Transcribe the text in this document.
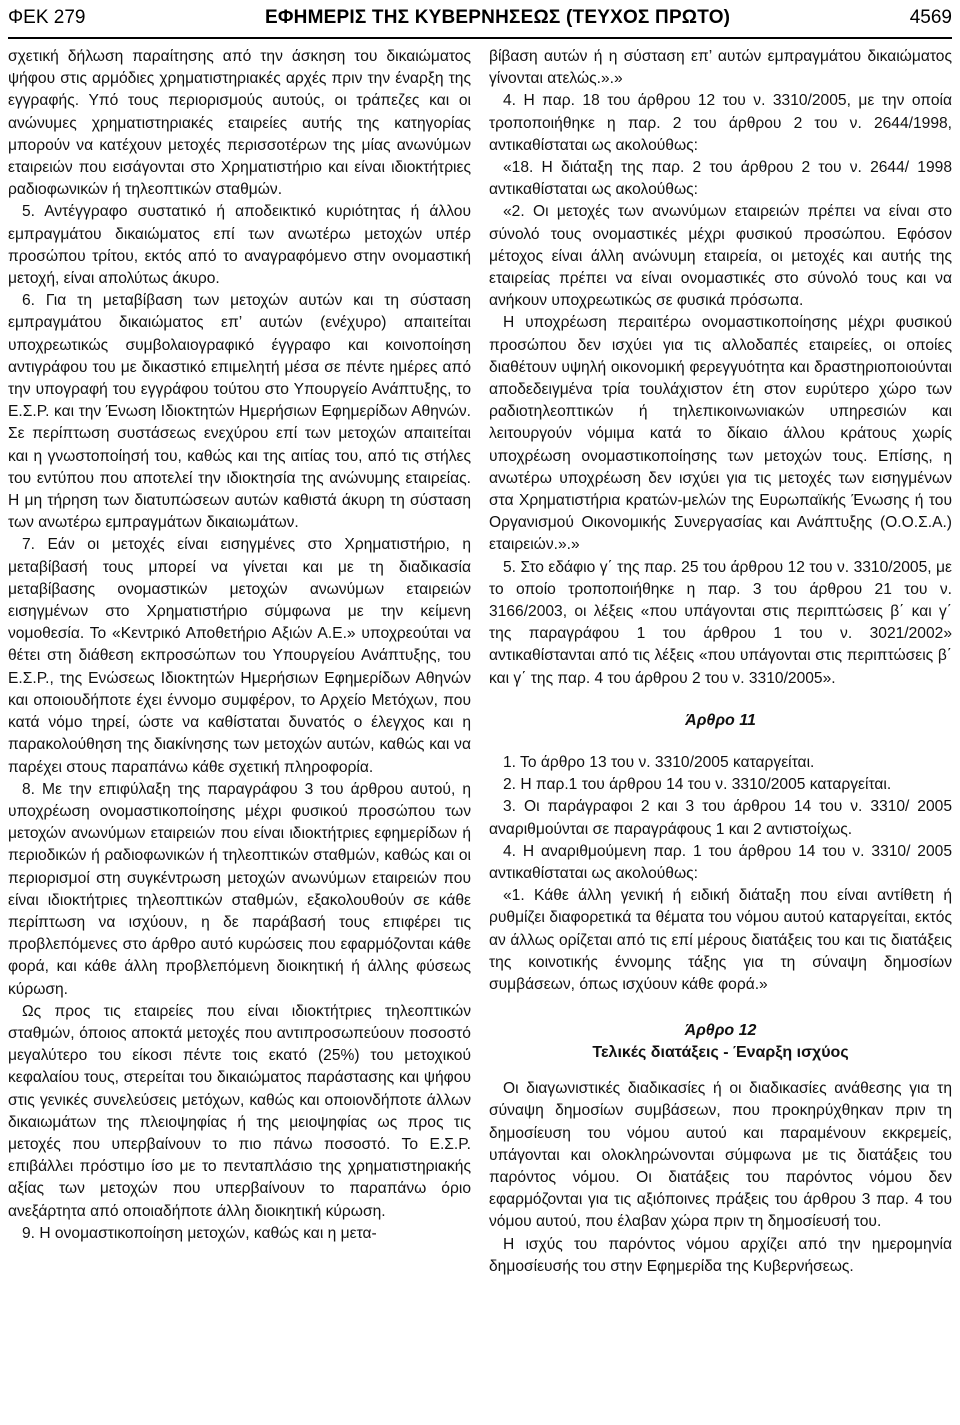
ΦΕΚ 279	ΕΦΗΜΕΡΙΣ ΤΗΣ ΚΥΒΕΡΝΗΣΕΩΣ (ΤΕΥΧΟΣ ΠΡΩΤΟ)	4569

σχετική δήλωση παραίτησης από την άσκηση του δικαιώματος ψήφου στις αρμόδιες χρηματιστηριακές αρχές πριν την έναρξη της εγγραφής. Υπό τους περιορισμούς αυτούς, οι τράπεζες και οι ανώνυμες χρηματιστηριακές εταιρείες αυτής της κατηγορίας μπορούν να κατέχουν μετοχές περισσοτέρων της μίας ανωνύμων εταιρειών που εισάγονται στο Χρηματιστήριο και είναι ιδιοκτήτριες ραδιοφωνικών ή τηλεοπτικών σταθμών.

5. Αντέγγραφο συστατικό ή αποδεικτικό κυριότητας ή άλλου εμπραγμάτου δικαιώματος επί των ανωτέρω μετοχών υπέρ προσώπου τρίτου, εκτός από το αναγραφόμενο στην ονομαστική μετοχή, είναι απολύτως άκυρο.

6. Για τη μεταβίβαση των μετοχών αυτών και τη σύσταση εμπραγμάτου δικαιώματος επ’ αυτών (ενέχυρο) απαιτείται υποχρεωτικώς συμβολαιογραφικό έγγραφο και κοινοποίηση αντιγράφου του με δικαστικό επιμελητή μέσα σε πέντε ημέρες από την υπογραφή του εγγράφου τούτου στο Υπουργείο Ανάπτυξης, το Ε.Σ.Ρ. και την Ένωση Ιδιοκτητών Ημερήσιων Εφημερίδων Αθηνών. Σε περίπτωση συστάσεως ενεχύρου επί των μετοχών απαιτείται και η γνωστοποίησή του, καθώς και της αιτίας του, από τις στήλες του εντύπου που αποτελεί την ιδιοκτησία της ανώνυμης εταιρείας. Η μη τήρηση των διατυπώσεων αυτών καθιστά άκυρη τη σύσταση των ανωτέρω εμπραγμάτων δικαιωμάτων.

7. Εάν οι μετοχές είναι εισηγμένες στο Χρηματιστήριο, η μεταβίβασή τους μπορεί να γίνεται και με τη διαδικασία μεταβίβασης ονομαστικών μετοχών ανωνύμων εταιρειών εισηγμένων στο Χρηματιστήριο σύμφωνα με την κείμενη νομοθεσία. Το «Κεντρικό Αποθετήριο Αξιών Α.Ε.» υποχρεούται να θέτει στη διάθεση εκπροσώπων του Υπουργείου Ανάπτυξης, του Ε.Σ.Ρ., της Ενώσεως Ιδιοκτητών Ημερήσιων Εφημερίδων Αθηνών και οποιουδήποτε έχει έννομο συμφέρον, το Αρχείο Μετόχων, που κατά νόμο τηρεί, ώστε να καθίσταται δυνατός ο έλεγχος και η παρακολούθηση της διακίνησης των μετοχών αυτών, καθώς και να παρέχει στους παραπάνω κάθε σχετική πληροφορία.

8. Με την επιφύλαξη της παραγράφου 3 του άρθρου αυτού, η υποχρέωση ονομαστικοποίησης μέχρι φυσικού προσώπου των μετοχών ανωνύμων εταιρειών που είναι ιδιοκτήτριες εφημερίδων ή περιοδικών ή ραδιοφωνικών ή τηλεοπτικών σταθμών, καθώς και οι περιορισμοί στη συγκέντρωση μετοχών ανωνύμων εταιρειών που είναι ιδιοκτήτριες τηλεοπτικών σταθμών, εξακολουθούν σε κάθε περίπτωση να ισχύουν, η δε παράβασή τους επιφέρει τις προβλεπόμενες στο άρθρο αυτό κυρώσεις που εφαρμόζονται κάθε φορά, και κάθε άλλη προβλεπόμενη διοικητική ή άλλης φύσεως κύρωση.

Ως προς τις εταιρείες που είναι ιδιοκτήτριες τηλεοπτικών σταθμών, όποιος αποκτά μετοχές που αντιπροσωπεύουν ποσοστό μεγαλύτερο του είκοσι πέντε τοις εκατό (25%) του μετοχικού κεφαλαίου τους, στερείται του δικαιώματος παράστασης και ψήφου στις γενικές συνελεύσεις μετόχων, καθώς και οποιονδήποτε άλλων δικαιωμάτων της πλειοψηφίας ή της μειοψηφίας ως προς τις μετοχές που υπερβαίνουν το πιο πάνω ποσοστό. Το Ε.Σ.Ρ. επιβάλλει πρόστιμο ίσο με το πενταπλάσιο της χρηματιστηριακής αξίας των μετοχών που υπερβαίνουν το παραπάνω όριο ανεξάρτητα από οποιαδήποτε άλλη διοικητική κύρωση.

9. Η ονομαστικοποίηση μετοχών, καθώς και η μετα-

βίβαση αυτών ή η σύσταση επ’ αυτών εμπραγμάτου δικαιώματος γίνονται ατελώς.».»

4. Η παρ. 18 του άρθρου 12 του ν. 3310/2005, με την οποία τροποποιήθηκε η παρ. 2 του άρθρου 2 του ν. 2644/1998, αντικαθίσταται ως ακολούθως:

«18. Η διάταξη της παρ. 2 του άρθρου 2 του ν. 2644/ 1998 αντικαθίσταται ως ακολούθως:

«2. Οι μετοχές των ανωνύμων εταιρειών πρέπει να είναι στο σύνολό τους ονομαστικές μέχρι φυσικού προσώπου. Εφόσον μέτοχος είναι άλλη ανώνυμη εταιρεία, οι μετοχές και αυτής της εταιρείας πρέπει να είναι ονομαστικές στο σύνολό τους και να ανήκουν υποχρεωτικώς σε φυσικά πρόσωπα.

Η υποχρέωση περαιτέρω ονομαστικοποίησης μέχρι φυσικού προσώπου δεν ισχύει για τις αλλοδαπές εταιρείες, οι οποίες διαθέτουν υψηλή οικονομική φερεγγυότητα και δραστηριοποιούνται αποδεδειγμένα τρία τουλάχιστον έτη στον ευρύτερο χώρο των ραδιοτηλεοπτικών ή τηλεπικοινωνιακών υπηρεσιών και λειτουργούν νόμιμα κατά το δίκαιο άλλου κράτους χωρίς υποχρέωση ονομαστικοποίησης των μετοχών τους. Επίσης, η ανωτέρω υποχρέωση δεν ισχύει για τις μετοχές των εισηγμένων στα Χρηματιστήρια κρατών-μελών της Ευρωπαϊκής Ένωσης ή του Οργανισμού Οικονομικής Συνεργασίας και Ανάπτυξης (Ο.Ο.Σ.Α.) εταιρειών.».»

5. Στο εδάφιο γ΄ της παρ. 25 του άρθρου 12 του ν. 3310/2005, με το οποίο τροποποιήθηκε η παρ. 3 του άρθρου 21 του ν. 3166/2003, οι λέξεις «που υπάγονται στις περιπτώσεις β΄ και γ΄ της παραγράφου 1 του άρθρου 1 του ν. 3021/2002» αντικαθίστανται από τις λέξεις «που υπάγονται στις περιπτώσεις β΄ και γ΄ της παρ. 4 του άρθρου 2 του ν. 3310/2005».

Άρθρο 11

1. Το άρθρο 13 του ν. 3310/2005 καταργείται.

2. Η παρ.1 του άρθρου 14 του ν. 3310/2005 καταργείται.

3. Οι παράγραφοι 2 και 3 του άρθρου 14 του ν. 3310/ 2005 αναριθμούνται σε παραγράφους 1 και 2 αντιστοίχως.

4. Η αναριθμούμενη παρ. 1 του άρθρου 14 του ν. 3310/ 2005 αντικαθίσταται ως ακολούθως:

«1. Κάθε άλλη γενική ή ειδική διάταξη που είναι αντίθετη ή ρυθμίζει διαφορετικά τα θέματα του νόμου αυτού καταργείται, εκτός αν άλλως ορίζεται από τις επί μέρους διατάξεις του και τις διατάξεις της κοινοτικής έννομης τάξης για τη σύναψη δημοσίων συμβάσεων, όπως ισχύουν κάθε φορά.»

Άρθρο 12
Τελικές διατάξεις - Έναρξη ισχύος

Οι διαγωνιστικές διαδικασίες ή οι διαδικασίες ανάθεσης για τη σύναψη δημοσίων συμβάσεων, που προκηρύχθηκαν πριν τη δημοσίευση του νόμου αυτού και παραμένουν εκκρεμείς, υπάγονται και ολοκληρώνονται σύμφωνα με τις διατάξεις του παρόντος νόμου. Οι διατάξεις του παρόντος νόμου δεν εφαρμόζονται για τις αξιόποινες πράξεις του άρθρου 3 παρ. 4 του νόμου αυτού, που έλαβαν χώρα πριν τη δημοσίευσή του.

Η ισχύς του παρόντος νόμου αρχίζει από την ημερομηνία δημοσίευσής του στην Εφημερίδα της Κυβερνήσεως.
